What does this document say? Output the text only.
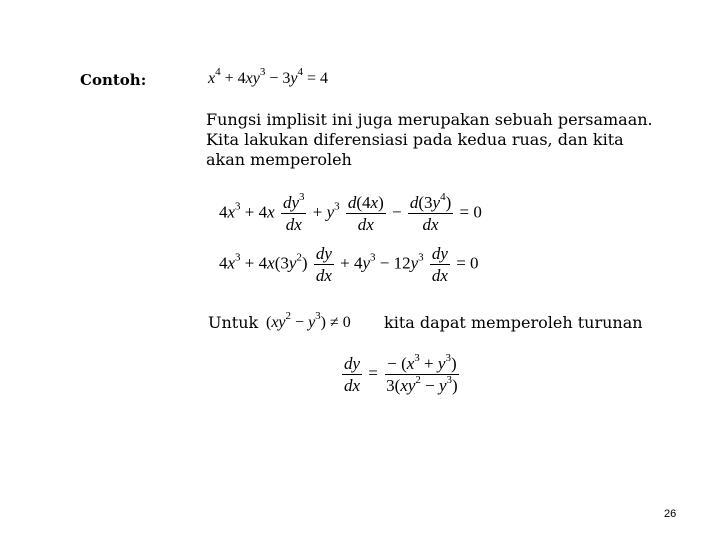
Contoh:	$x^4 + 4xy^3 - 3y^4 = 4$
Fungsi implisit ini juga merupakan sebuah persamaan. Kita lakukan diferensiasi pada kedua ruas, dan kita akan memperoleh
$4x^3 + 4x \frac{dy^3}{dx} + y^3 \frac{d(4x)}{dx} - \frac{d(3y^4)}{dx} = 0$
$4x^3 + 4x(3y^2) \frac{dy}{dx} + 4y^3 - 12y^3 \frac{dy}{dx} = 0$
Untuk $(xy^2 - y^3) \ne 0$ kita dapat memperoleh turunan
$\frac{dy}{dx} = \frac{- (x^3 + y^3)}{3(xy^2 - y^3)}$
26
